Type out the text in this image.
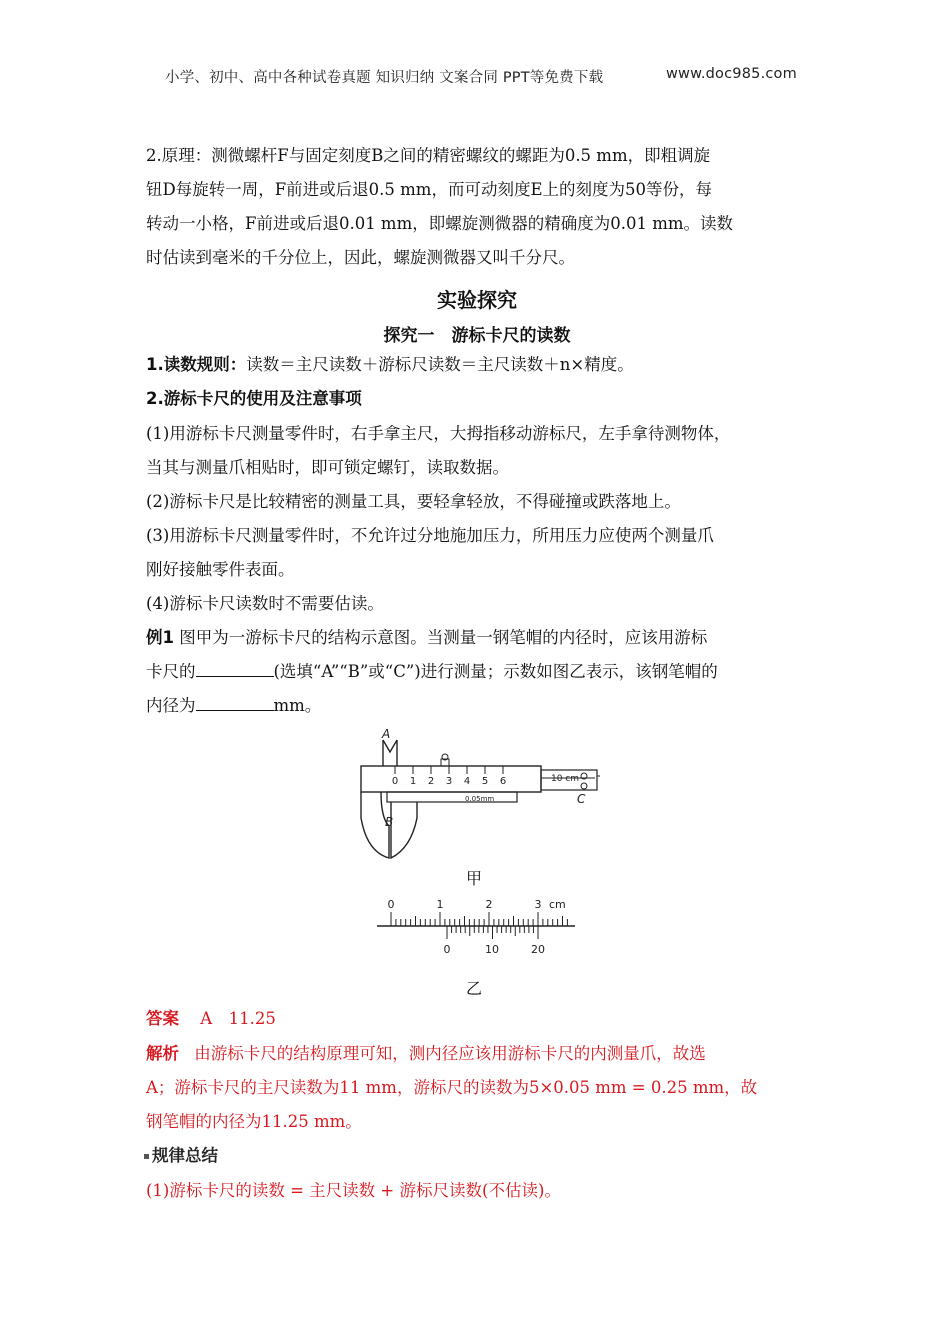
小学、初中、高中各种试卷真题 知识归纳 文案合同 PPT等免费下载	www.doc985.com
2.原理：测微螺杆F与固定刻度B之间的精密螺纹的螺距为0.5 mm，即粗调旋
钮D每旋转一周，F前进或后退0.5 mm，而可动刻度E上的刻度为50等份，每
转动一小格，F前进或后退0.01 mm，即螺旋测微器的精确度为0.01 mm。读数
时估读到毫米的千分位上，因此，螺旋测微器又叫千分尺。
实验探究
探究一　游标卡尺的读数
1.读数规则：读数＝主尺读数＋游标尺读数＝主尺读数＋n×精度。
2.游标卡尺的使用及注意事项
(1)用游标卡尺测量零件时，右手拿主尺，大拇指移动游标尺，左手拿待测物体，
当其与测量爪相贴时，即可锁定螺钉，读取数据。
(2)游标卡尺是比较精密的测量工具，要轻拿轻放，不得碰撞或跌落地上。
(3)用游标卡尺测量零件时，不允许过分地施加压力，所用压力应使两个测量爪
刚好接触零件表面。
(4)游标卡尺读数时不需要估读。
例1 图甲为一游标卡尺的结构示意图。当测量一钢笔帽的内径时，应该用游标
卡尺的	(选填“A”“B”或“C”)进行测量；示数如图乙表示，该钢笔帽的
内径为	mm。
0 1 2 3 4 5 6	10 cm
0.05mm
A
B
C
甲
0	1	2	3 cm
0	10	20
乙
答案 A　11.25
解析 由游标卡尺的结构原理可知，测内径应该用游标卡尺的内测量爪，故选
A；游标卡尺的主尺读数为11 mm，游标尺的读数为5×0.05 mm = 0.25 mm，故
钢笔帽的内径为11.25 mm。
规律总结
(1)游标卡尺的读数 = 主尺读数 + 游标尺读数(不估读)。
